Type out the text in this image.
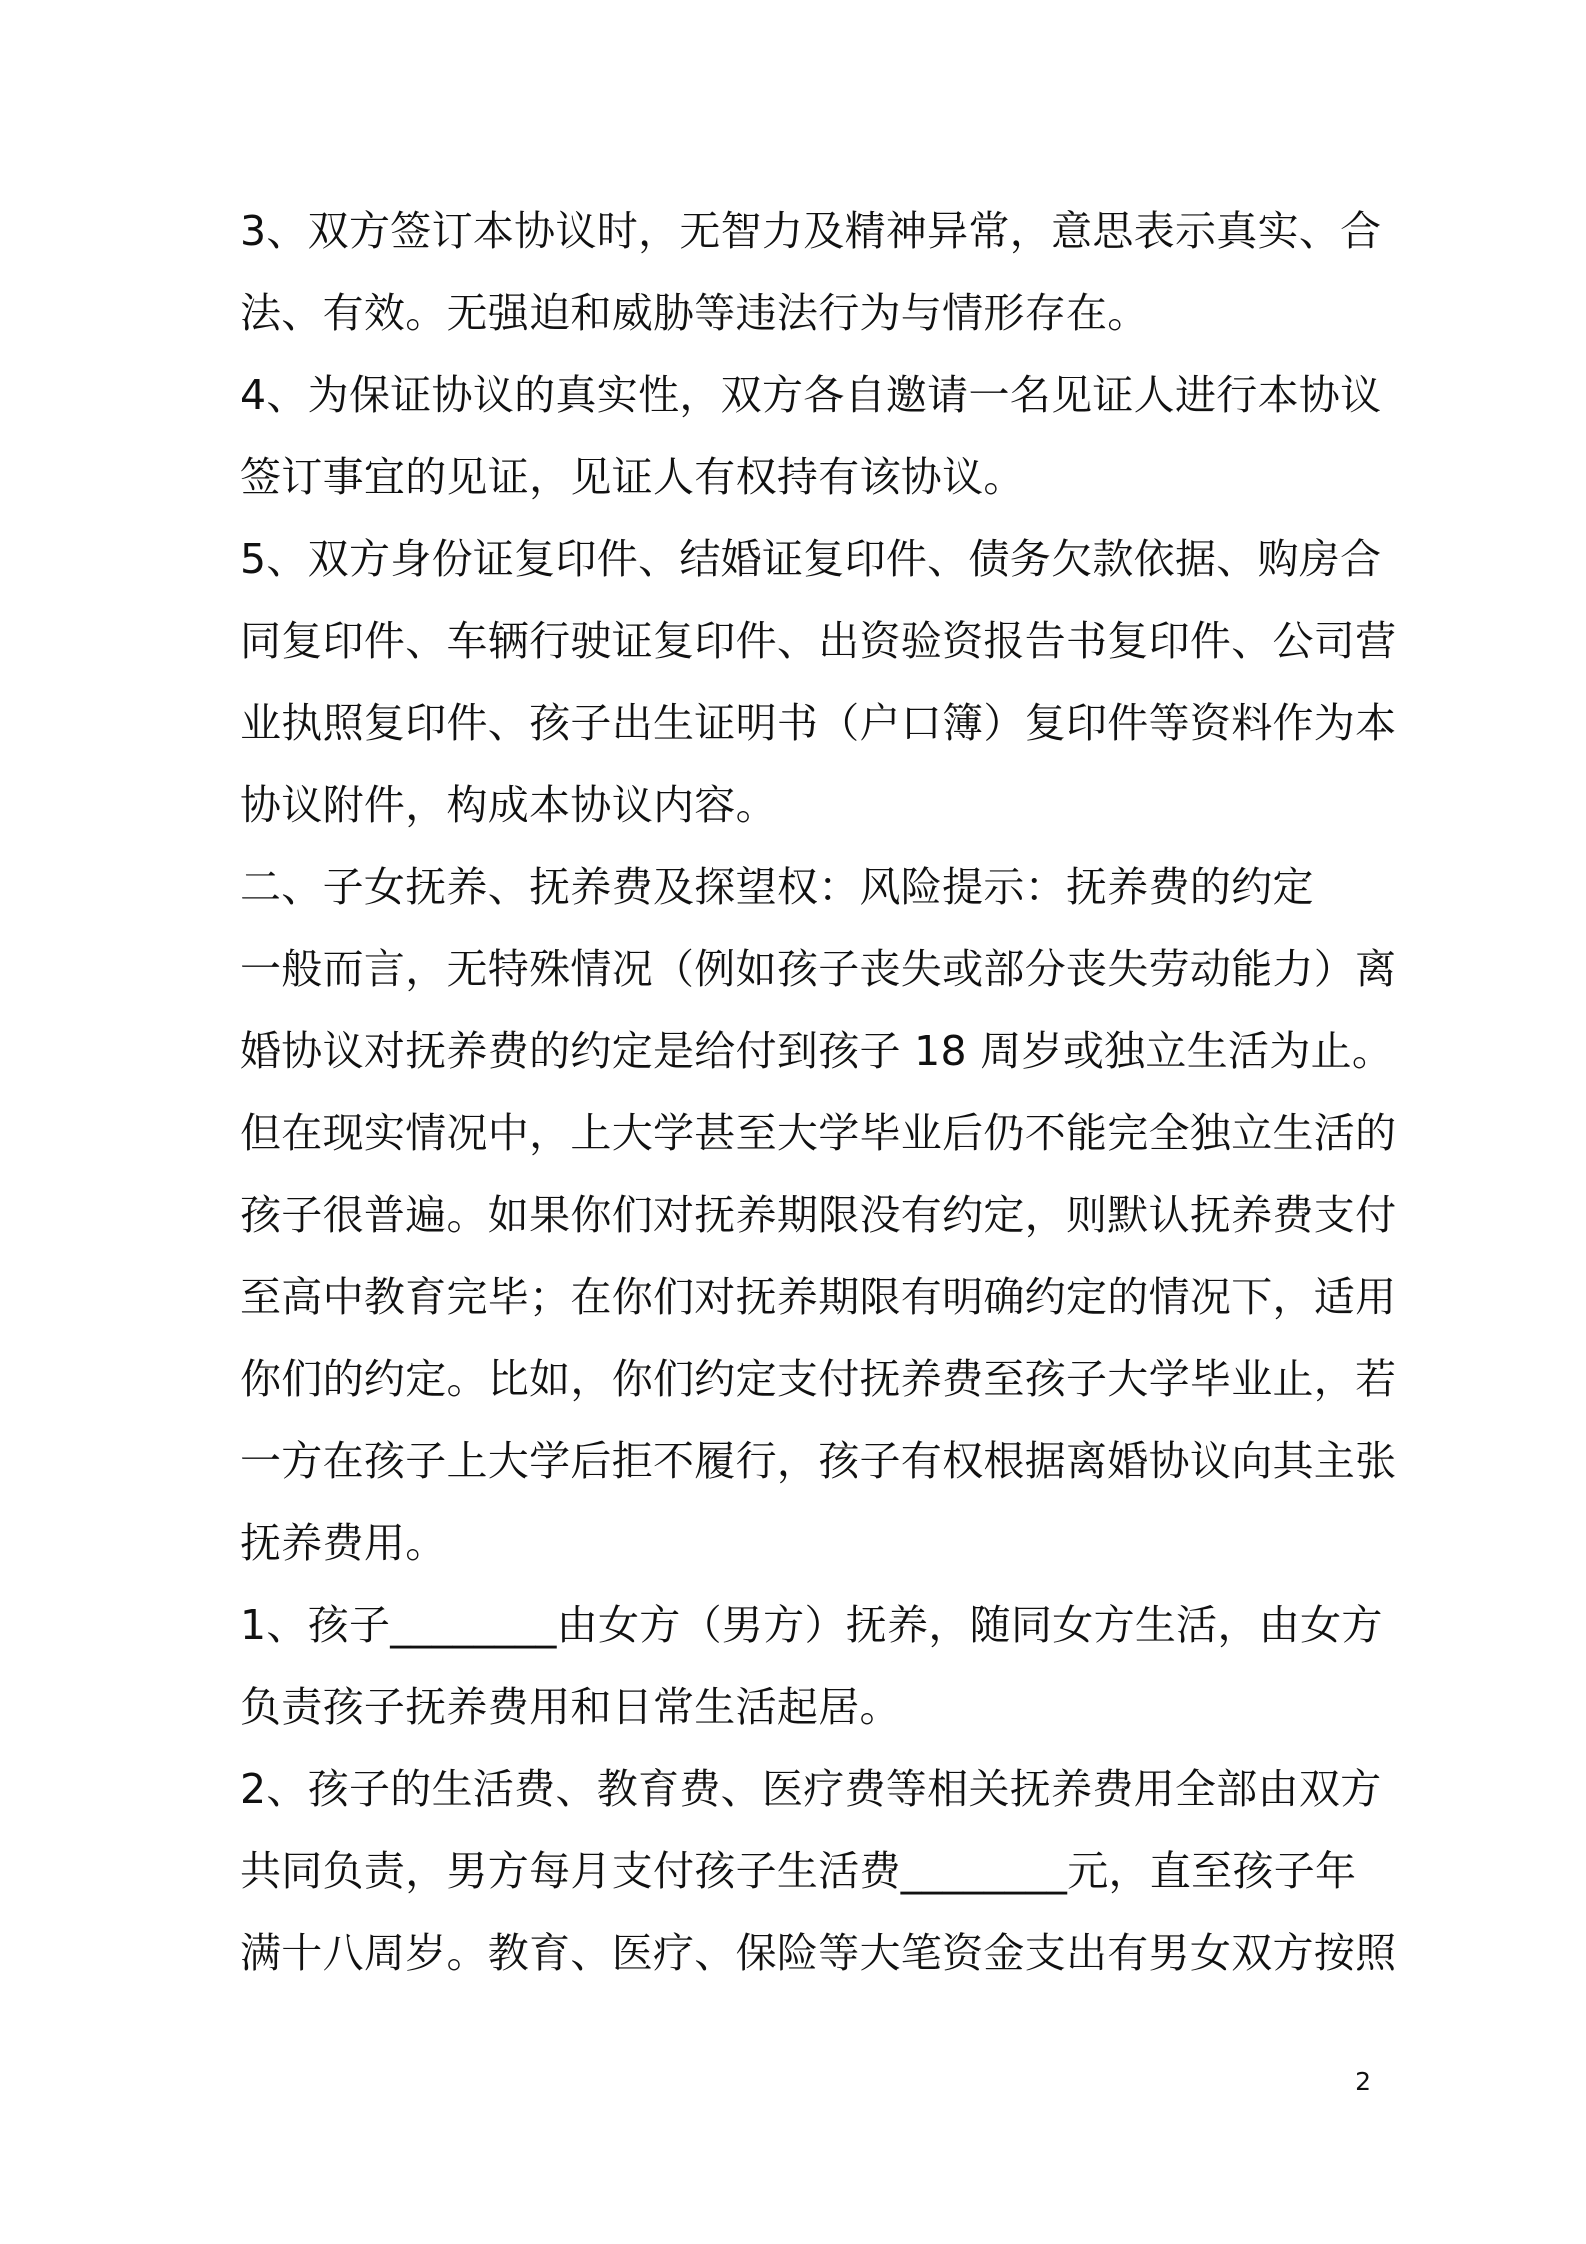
3、双方签订本协议时，无智力及精神异常，意思表示真实、合
法、有效。无强迫和威胁等违法行为与情形存在。
4、为保证协议的真实性，双方各自邀请一名见证人进行本协议
签订事宜的见证，见证人有权持有该协议。
5、双方身份证复印件、结婚证复印件、债务欠款依据、购房合
同复印件、车辆行驶证复印件、出资验资报告书复印件、公司营
业执照复印件、孩子出生证明书（户口簿）复印件等资料作为本
协议附件，构成本协议内容。
二、子女抚养、抚养费及探望权：风险提示：抚养费的约定
一般而言，无特殊情况（例如孩子丧失或部分丧失劳动能力）离
婚协议对抚养费的约定是给付到孩子 18 周岁或独立生活为止。
但在现实情况中，上大学甚至大学毕业后仍不能完全独立生活的
孩子很普遍。如果你们对抚养期限没有约定，则默认抚养费支付
至高中教育完毕；在你们对抚养期限有明确约定的情况下，适用
你们的约定。比如，你们约定支付抚养费至孩子大学毕业止，若
一方在孩子上大学后拒不履行，孩子有权根据离婚协议向其主张
抚养费用。
1、孩子________由女方（男方）抚养，随同女方生活，由女方
负责孩子抚养费用和日常生活起居。
2、孩子的生活费、教育费、医疗费等相关抚养费用全部由双方
共同负责，男方每月支付孩子生活费________元，直至孩子年
满十八周岁。教育、医疗、保险等大笔资金支出有男女双方按照
2
